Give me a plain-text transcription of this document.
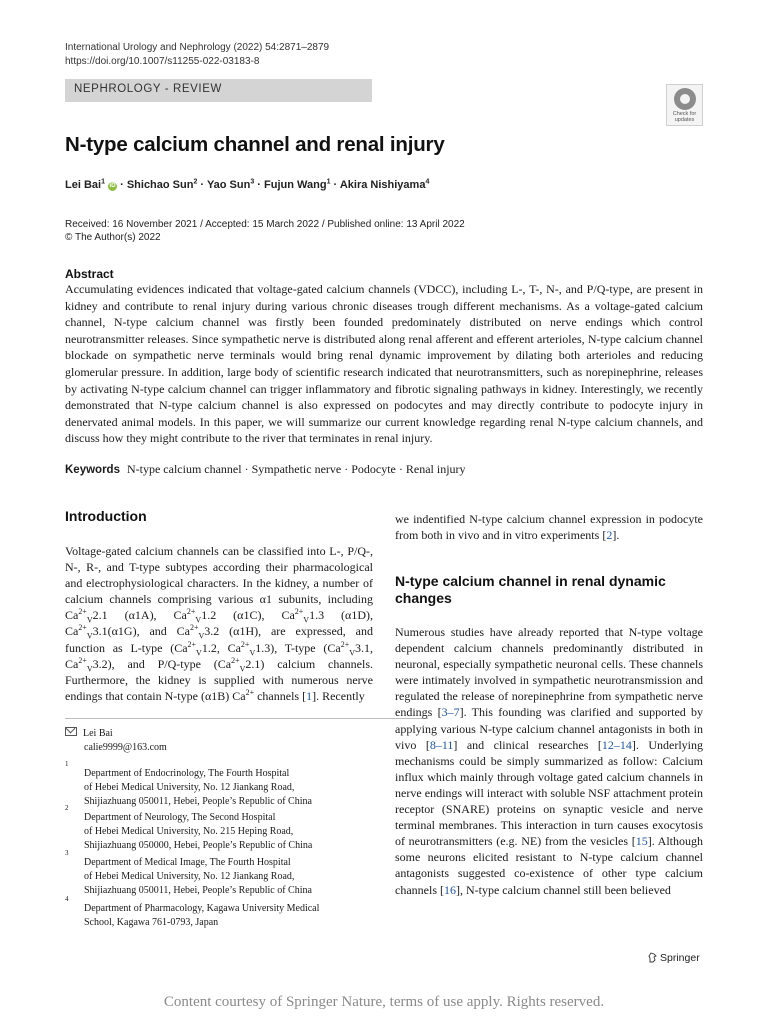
International Urology and Nephrology (2022) 54:2871–2879
https://doi.org/10.1007/s11255-022-03183-8
NEPHROLOGY - REVIEW
Check for
updates
N-type calcium channel and renal injury
Lei Bai$^1$ iD · Shichao Sun$^2$ · Yao Sun$^3$ · Fujun Wang$^1$ · Akira Nishiyama$^4$
Received: 16 November 2021 / Accepted: 15 March 2022 / Published online: 13 April 2022
© The Author(s) 2022
Abstract
Accumulating evidences indicated that voltage-gated calcium channels (VDCC), including L-, T-, N-, and P/Q-type, are present in kidney and contribute to renal injury during various chronic diseases trough different mechanisms. As a voltage-gated calcium channel, N-type calcium channel was firstly been founded predominately distributed on nerve endings which control neurotransmitter releases. Since sympathetic nerve is distributed along renal afferent and efferent arterioles, N-type calcium channel blockade on sympathetic nerve terminals would bring renal dynamic improvement by dilating both arterioles and reducing glomerular pressure. In addition, large body of scientific research indicated that neurotransmitters, such as norepinephrine, releases by activating N-type calcium channel can trigger inflammatory and fibrotic signaling pathways in kidney. Interestingly, we recently demonstrated that N-type calcium channel is also expressed on podocytes and may directly contribute to podocyte injury in denervated animal models. In this paper, we will summarize our current knowledge regarding renal N-type calcium channels, and discuss how they might contribute to the river that terminates in renal injury.
Keywords N-type calcium channel · Sympathetic nerve · Podocyte · Renal injury
Introduction
Voltage-gated calcium channels can be classified into L-, P/Q-, N-, R-, and T-type subtypes according their pharmacological and electrophysiological characters. In the kidney, a number of calcium channels comprising various α1 subunits, including $Ca^{2+}_V2.1$ (α1A), $Ca^{2+}_V1.2$ (α1C), $Ca^{2+}_V1.3$ (α1D), $Ca^{2+}_V3.1(\alpha 1G)$, and $Ca^{2+}_V3.2$ (α1H), are expressed, and function as L-type ($Ca^{2+}_V1.2$, $Ca^{2+}_V1.3$), T-type ($Ca^{2+}_V3.1$, $Ca^{2+}_V3.2$), and P/Q-type $(Ca^{2+}_V2.1)$ calcium channels. Furthermore, the kidney is supplied with numerous nerve endings that contain N-type (α1B) $Ca^{2+}$ channels [1]. Recently
Lei Bai
calie9999@163.com
1
Department of Endocrinology, The Fourth Hospital
of Hebei Medical University, No. 12 Jiankang Road,
Shijiazhuang 050011, Hebei, People’s Republic of China
2
Department of Neurology, The Second Hospital
of Hebei Medical University, No. 215 Heping Road,
Shijiazhuang 050000, Hebei, People’s Republic of China
3
Department of Medical Image, The Fourth Hospital
of Hebei Medical University, No. 12 Jiankang Road,
Shijiazhuang 050011, Hebei, People’s Republic of China
4
Department of Pharmacology, Kagawa University Medical
School, Kagawa 761-0793, Japan
we indentified N-type calcium channel expression in podocyte from both in vivo and in vitro experiments [2].
N-type calcium channel in renal dynamic changes
Numerous studies have already reported that N-type voltage dependent calcium channels predominantly distributed in neuronal, especially sympathetic neuronal cells. These channels were intimately involved in sympathetic neurotransmission and regulated the release of norepinephrine from sympathetic nerve endings [3–7]. This founding was clarified and supported by applying various N-type calcium channel antagonists in both in vivo [8–11] and clinical researches [12–14]. Underlying mechanisms could be simply summarized as follow: Calcium influx which mainly through voltage gated calcium channels in nerve endings will interact with soluble NSF attachment protein receptor (SNARE) proteins on synaptic vesicle and nerve terminal membranes. This interaction in turn causes exocytosis of neurotransmitters (e.g. NE) from the vesicles [15]. Although some neurons elicited resistant to N-type calcium channel antagonists suggested co-existence of other type calcium channels [16], N-type calcium channel still been believed
Springer
Content courtesy of Springer Nature, terms of use apply. Rights reserved.
